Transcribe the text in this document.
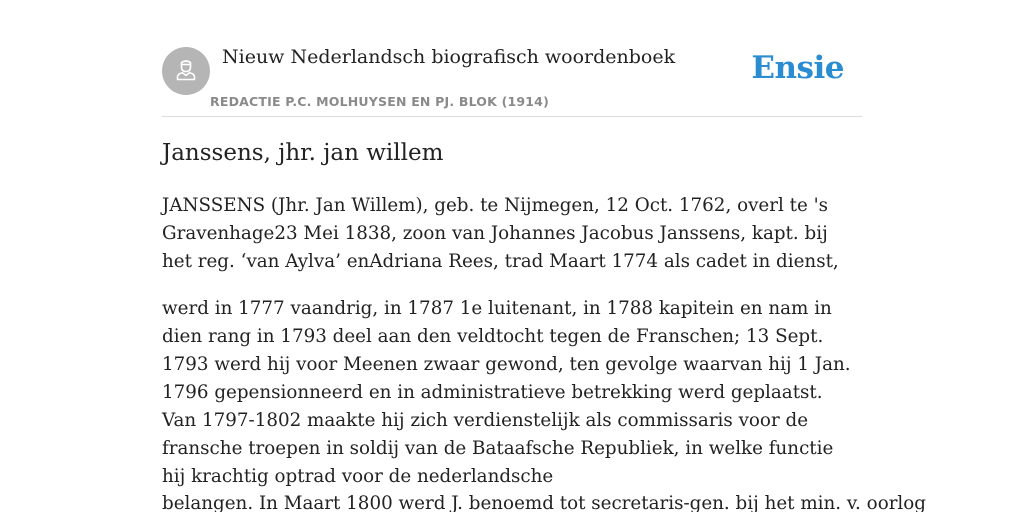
Nieuw Nederlandsch biografisch woordenboek
REDACTIE P.C. MOLHUYSEN EN PJ. BLOK (1914)
Ensie
Janssens, jhr. jan willem

JANSSENS (Jhr. Jan Willem), geb. te Nijmegen, 12 Oct. 1762, overl te 's Gravenhage23 Mei 1838, zoon van Johannes Jacobus Janssens, kapt. bij het reg. ‘van Aylva’ enAdriana Rees, trad Maart 1774 als cadet in dienst,

werd in 1777 vaandrig, in 1787 1e luitenant, in 1788 kapitein en nam in dien rang in 1793 deel aan den veldtocht tegen de Franschen; 13 Sept. 1793 werd hij voor Meenen zwaar gewond, ten gevolge waarvan hij 1 Jan. 1796 gepensionneerd en in administratieve betrekking werd geplaatst. Van 1797-1802 maakte hij zich verdienstelijk als commissaris voor de fransche troepen in soldij van de Bataafsche Republiek, in welke functie hij krachtig optrad voor de nederlandsche

belangen. In Maart 1800 werd J. benoemd tot secretaris-gen. bij het min. v. oorlog
